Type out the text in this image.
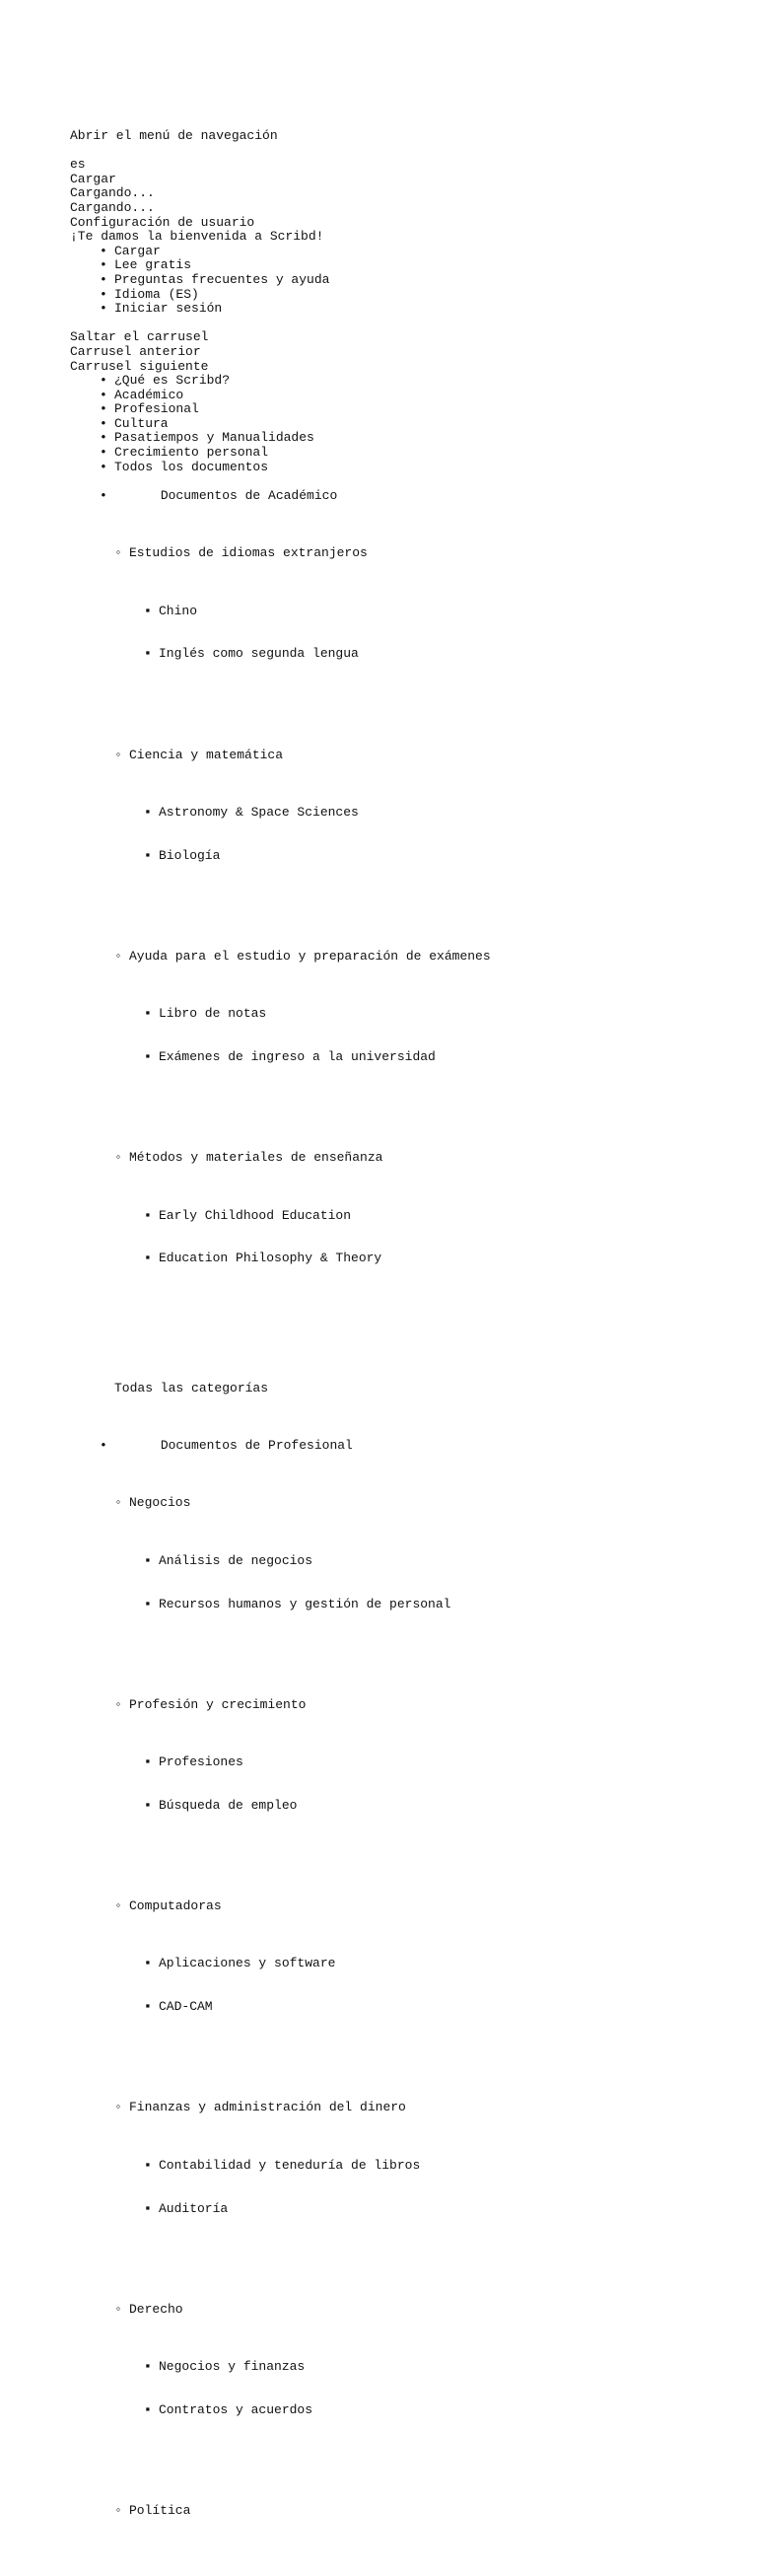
Abrir el menú de navegación
es
Cargar
Cargando...
Cargando...
Configuración de usuario
¡Te damos la bienvenida a Scribd!
• Cargar
• Lee gratis
• Preguntas frecuentes y ayuda
• Idioma (ES)
• Iniciar sesión
Saltar el carrusel
Carrusel anterior
Carrusel siguiente
• ¿Qué es Scribd?
• Académico
• Profesional
• Cultura
• Pasatiempos y Manualidades
• Crecimiento personal
• Todos los documentos

•	Documentos de Académico

◦ Estudios de idiomas extranjeros

▪ Chino

▪ Inglés como segunda lengua

◦ Ciencia y matemática

▪ Astronomy & Space Sciences

▪ Biología

◦ Ayuda para el estudio y preparación de exámenes

▪ Libro de notas

▪ Exámenes de ingreso a la universidad

◦ Métodos y materiales de enseñanza

▪ Early Childhood Education

▪ Education Philosophy & Theory

Todas las categorías

•	Documentos de Profesional

◦ Negocios

▪ Análisis de negocios

▪ Recursos humanos y gestión de personal

◦ Profesión y crecimiento

▪ Profesiones

▪ Búsqueda de empleo

◦ Computadoras

▪ Aplicaciones y software

▪ CAD-CAM

◦ Finanzas y administración del dinero

▪ Contabilidad y teneduría de libros

▪ Auditoría

◦ Derecho

▪ Negocios y finanzas

▪ Contratos y acuerdos

◦ Política
